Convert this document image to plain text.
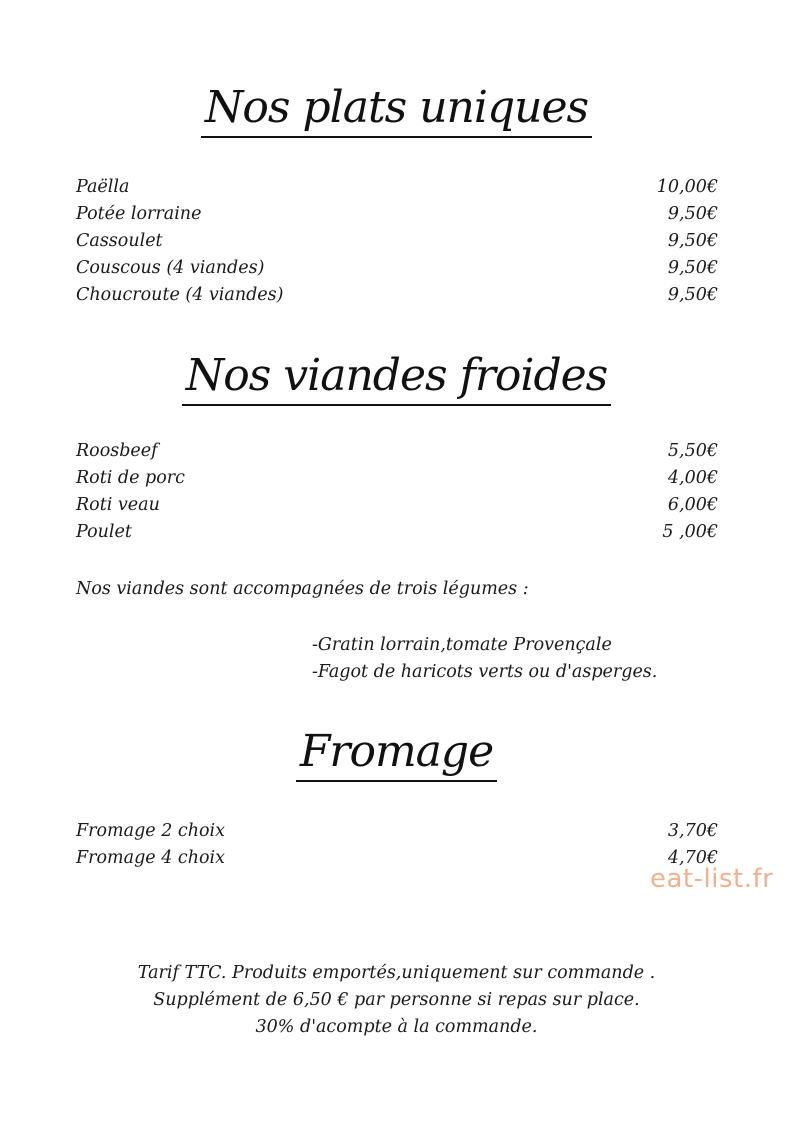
Nos plats uniques
Paëlla	10,00€
Potée lorraine	9,50€
Cassoulet	9,50€
Couscous (4 viandes)	9,50€
Choucroute (4 viandes)	9,50€
Nos viandes froides
Roosbeef	5,50€
Roti de porc	4,00€
Roti veau	6,00€
Poulet	5 ,00€
Nos viandes sont accompagnées de trois légumes :
-Gratin lorrain,tomate Provençale
-Fagot de haricots verts ou d'asperges.
Fromage
Fromage 2 choix	3,70€
Fromage 4 choix	4,70€
eat-list.fr
Tarif TTC. Produits emportés,uniquement sur commande .
Supplément de 6,50 € par personne si repas sur place.
30% d'acompte à la commande.
